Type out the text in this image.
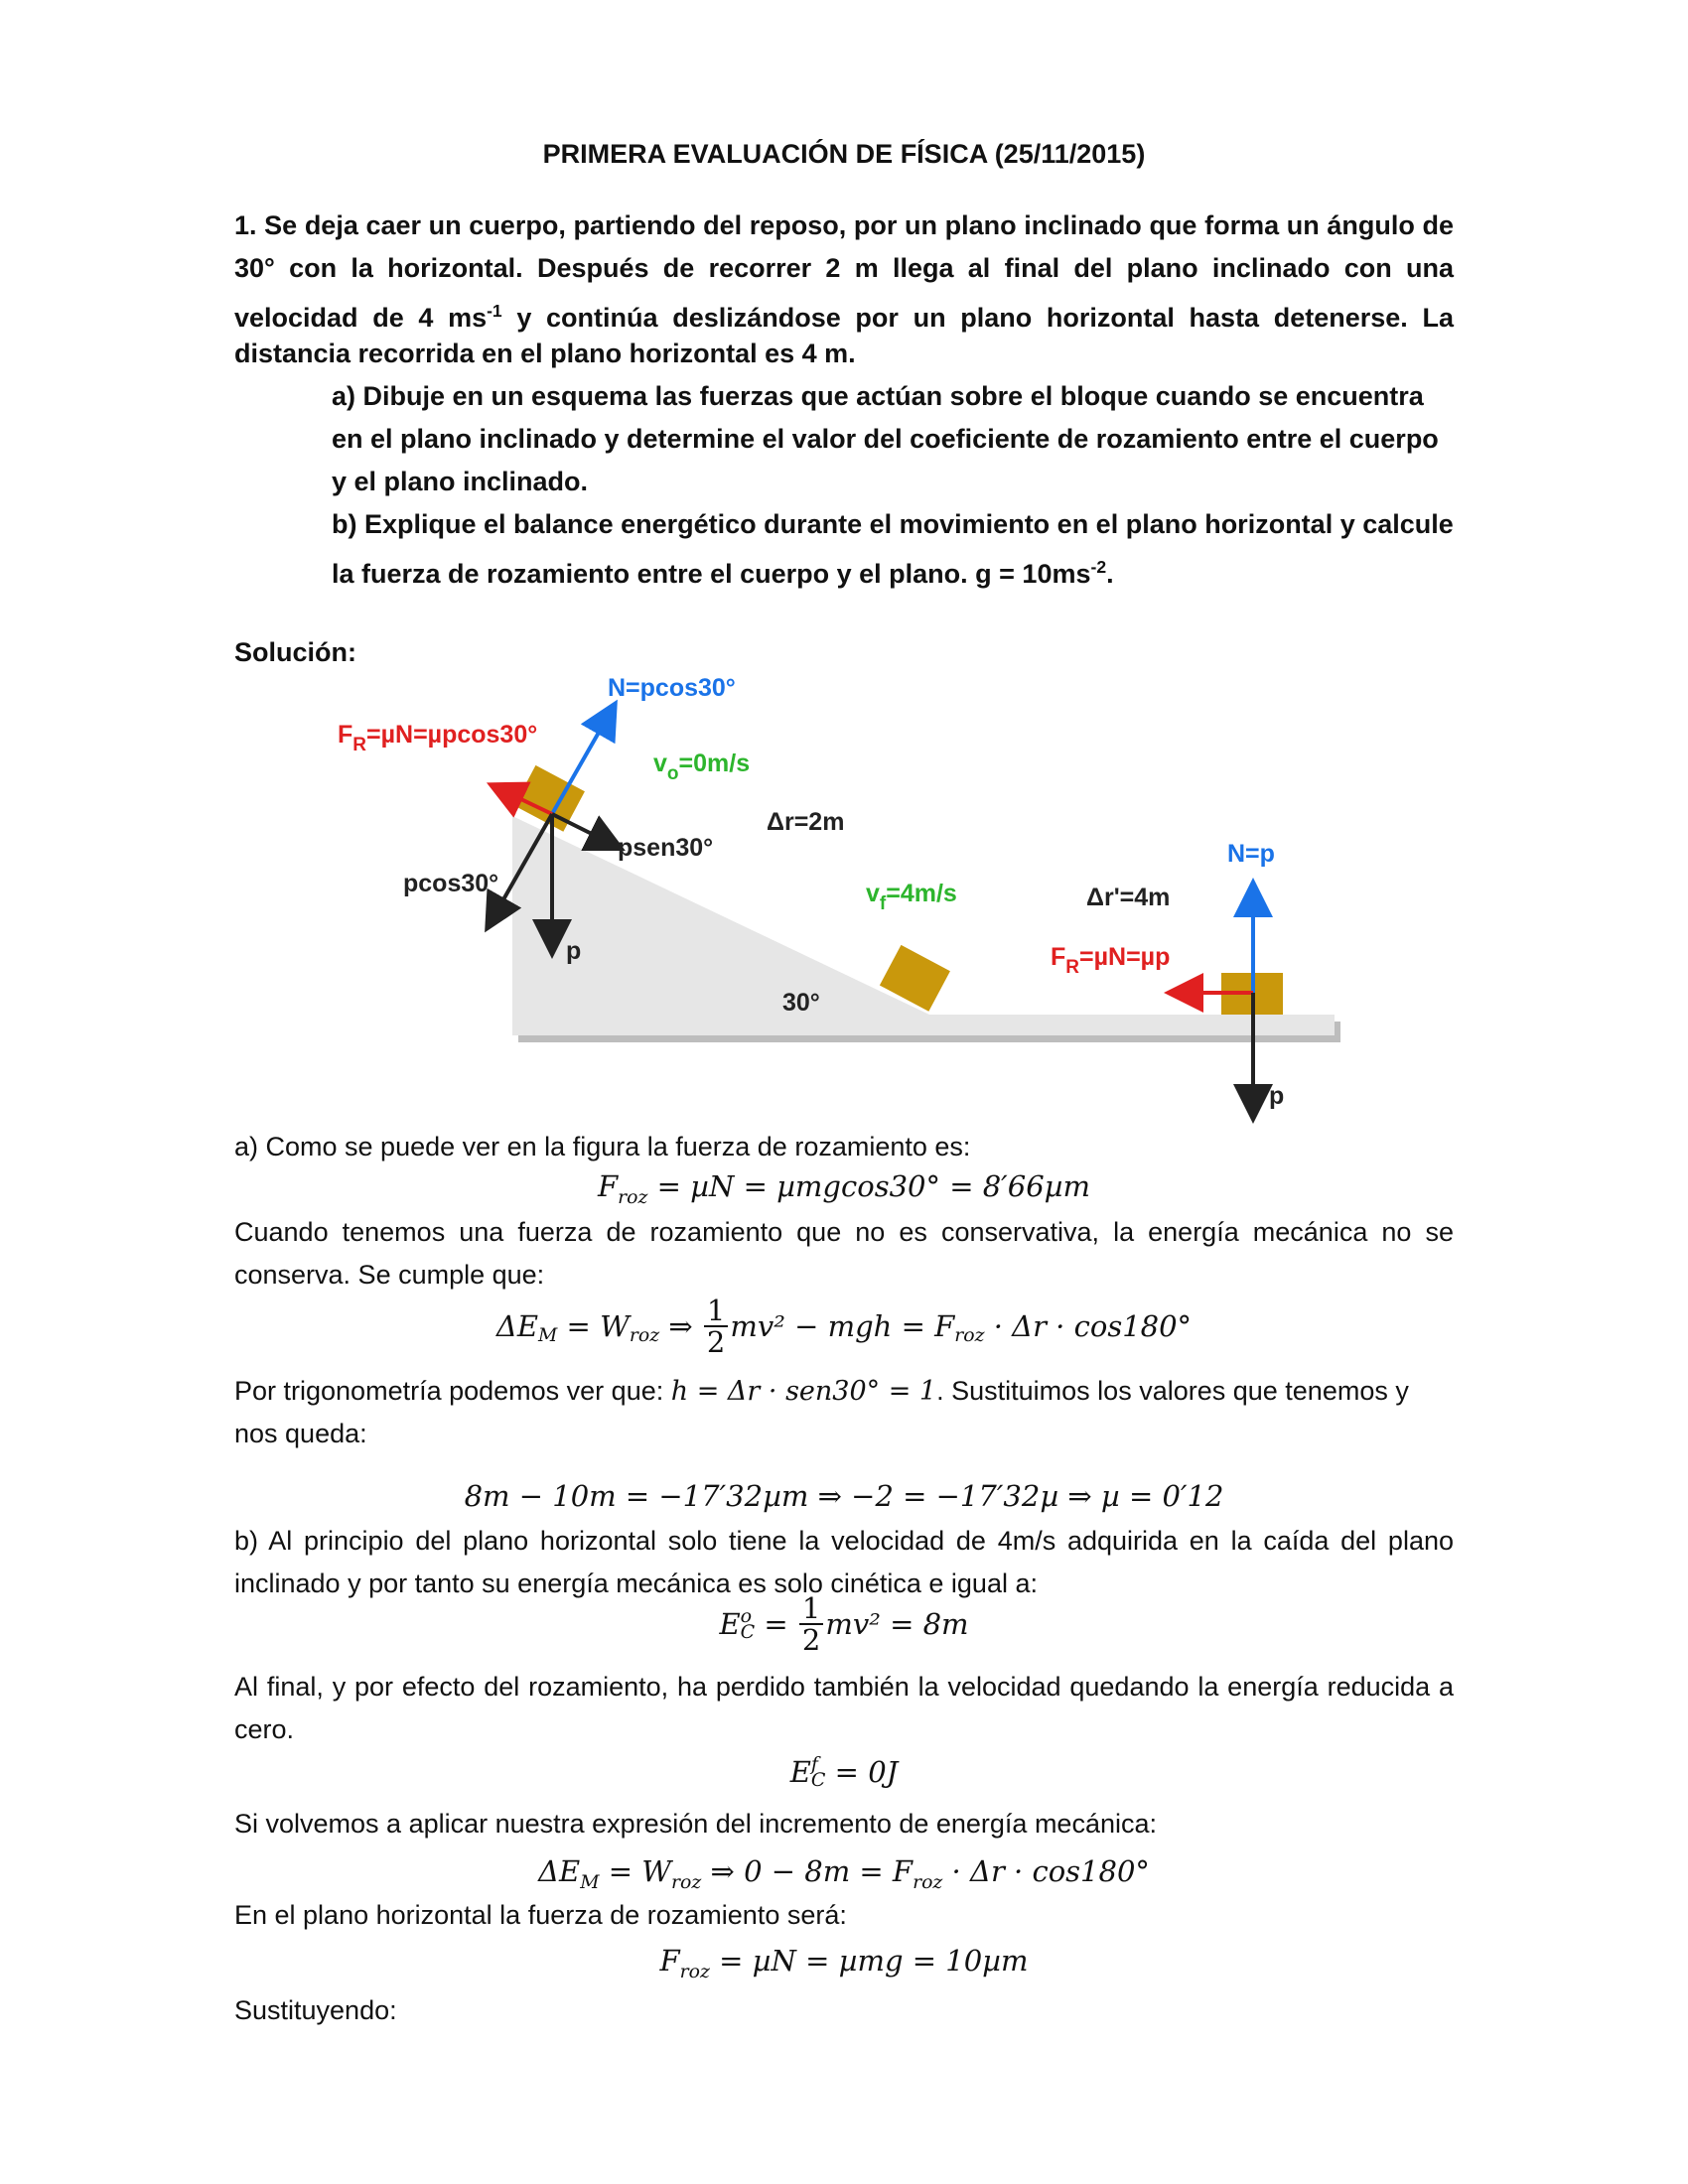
PRIMERA EVALUACIÓN DE FÍSICA (25/11/2015)
1. Se deja caer un cuerpo, partiendo del reposo, por un plano inclinado que forma un ángulo de
30° con la horizontal. Después de recorrer 2 m llega al final del plano inclinado con una
velocidad de 4 $ms^{-1}$ y continúa deslizándose por un plano horizontal hasta detenerse. La
distancia recorrida en el plano horizontal es 4 m.
a) Dibuje en un esquema las fuerzas que actúan sobre el bloque cuando se encuentra en el plano inclinado y determine el valor del coeficiente de rozamiento entre el cuerpo y el plano inclinado.
b) Explique el balance energético durante el movimiento en el plano horizontal y calcule la fuerza de rozamiento entre el cuerpo y el plano. $g = 10ms^{-2}$.
Solución:
N=pcos30°
$F_R=\mu N=\mu pcos30^\circ$
$v_o=0m/s$
Δr=2m
psen30°
pcos30°
p
$v_f=4m/s$	Δr'=4m
N=p
$F_R=\mu N=\mu p$
30°
p
a) Como se puede ver en la figura la fuerza de rozamiento es:
$F_{roz} = \mu N = \mu mgcos30^\circ = 8'66\mu m$
Cuando tenemos una fuerza de rozamiento que no es conservativa, la energía mecánica no se conserva. Se cumple que:
$\Delta E_M = W_{roz}$ ⇒ $\frac{1}{2} mv^2$ − mgh = $F_{roz} \cdot \Delta r \cdot \cos 180^\circ$
Por trigonometría podemos ver que: h = Δr · sen30° = 1. Sustituimos los valores que tenemos y
nos queda:
8m − 10m = −17′32µm ⇒ −2 = −17′32µ ⇒ µ = 0′12
b) Al principio del plano horizontal solo tiene la velocidad de 4m/s adquirida en la caída del plano inclinado y por tanto su energía mecánica es solo cinética e igual a:
E o
$C = \frac{1}{2} mv^2 = 8m$
Al final, y por efecto del rozamiento, ha perdido también la velocidad quedando la energía reducida a cero.
E f
C = 0J
Si volvemos a aplicar nuestra expresión del incremento de energía mecánica:
$\Delta E_M = W_{roz}$ ⇒ $0 - 8m = F_{roz} \cdot \Delta r \cdot \cos 180^\circ$
En el plano horizontal la fuerza de rozamiento será:
$F_{roz} = \mu N = \mu mg = 10\mu m$
Sustituyendo:
